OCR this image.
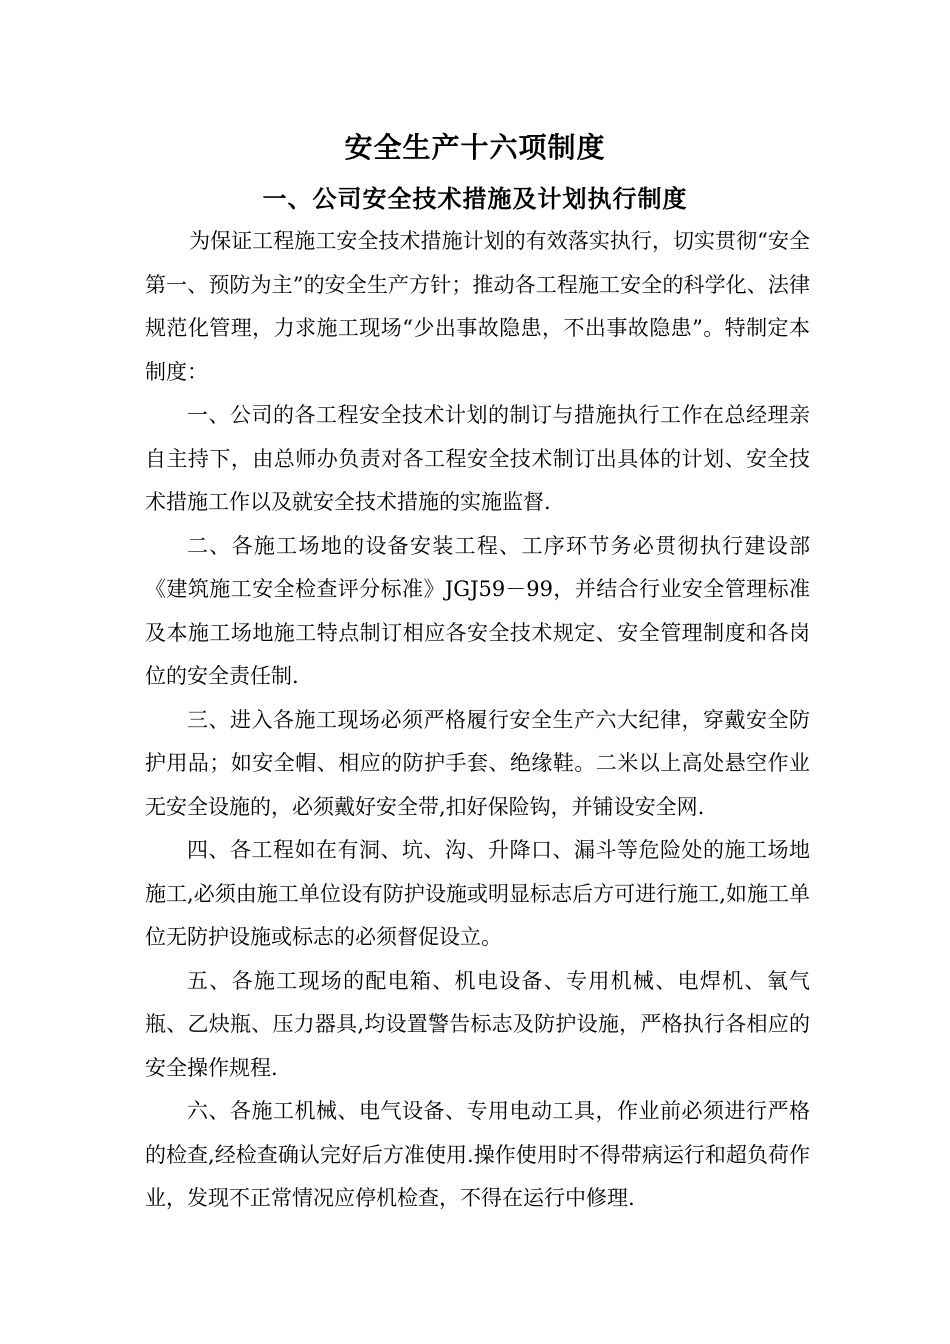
安全生产十六项制度
一、公司安全技术措施及计划执行制度

为保证工程施工安全技术措施计划的有效落实执行，切实贯彻“安全第一、预防为主”的安全生产方针；推动各工程施工安全的科学化、法律规范化管理，力求施工现场“少出事故隐患，不出事故隐患”。特制定本制度：

一、公司的各工程安全技术计划的制订与措施执行工作在总经理亲自主持下，由总师办负责对各工程安全技术制订出具体的计划、安全技术措施工作以及就安全技术措施的实施监督.

二、各施工场地的设备安装工程、工序环节务必贯彻执行建设部《建筑施工安全检查评分标准》JGJ59－99，并结合行业安全管理标准及本施工场地施工特点制订相应各安全技术规定、安全管理制度和各岗位的安全责任制.

三、进入各施工现场必须严格履行安全生产六大纪律，穿戴安全防护用品；如安全帽、相应的防护手套、绝缘鞋。二米以上高处悬空作业无安全设施的，必须戴好安全带,扣好保险钩，并铺设安全网.

四、各工程如在有洞、坑、沟、升降口、漏斗等危险处的施工场地施工,必须由施工单位设有防护设施或明显标志后方可进行施工,如施工单位无防护设施或标志的必须督促设立。

五、各施工现场的配电箱、机电设备、专用机械、电焊机、氧气瓶、乙炔瓶、压力器具,均设置警告标志及防护设施，严格执行各相应的安全操作规程.

六、各施工机械、电气设备、专用电动工具，作业前必须进行严格的检查,经检查确认完好后方准使用.操作使用时不得带病运行和超负荷作业，发现不正常情况应停机检查，不得在运行中修理.
